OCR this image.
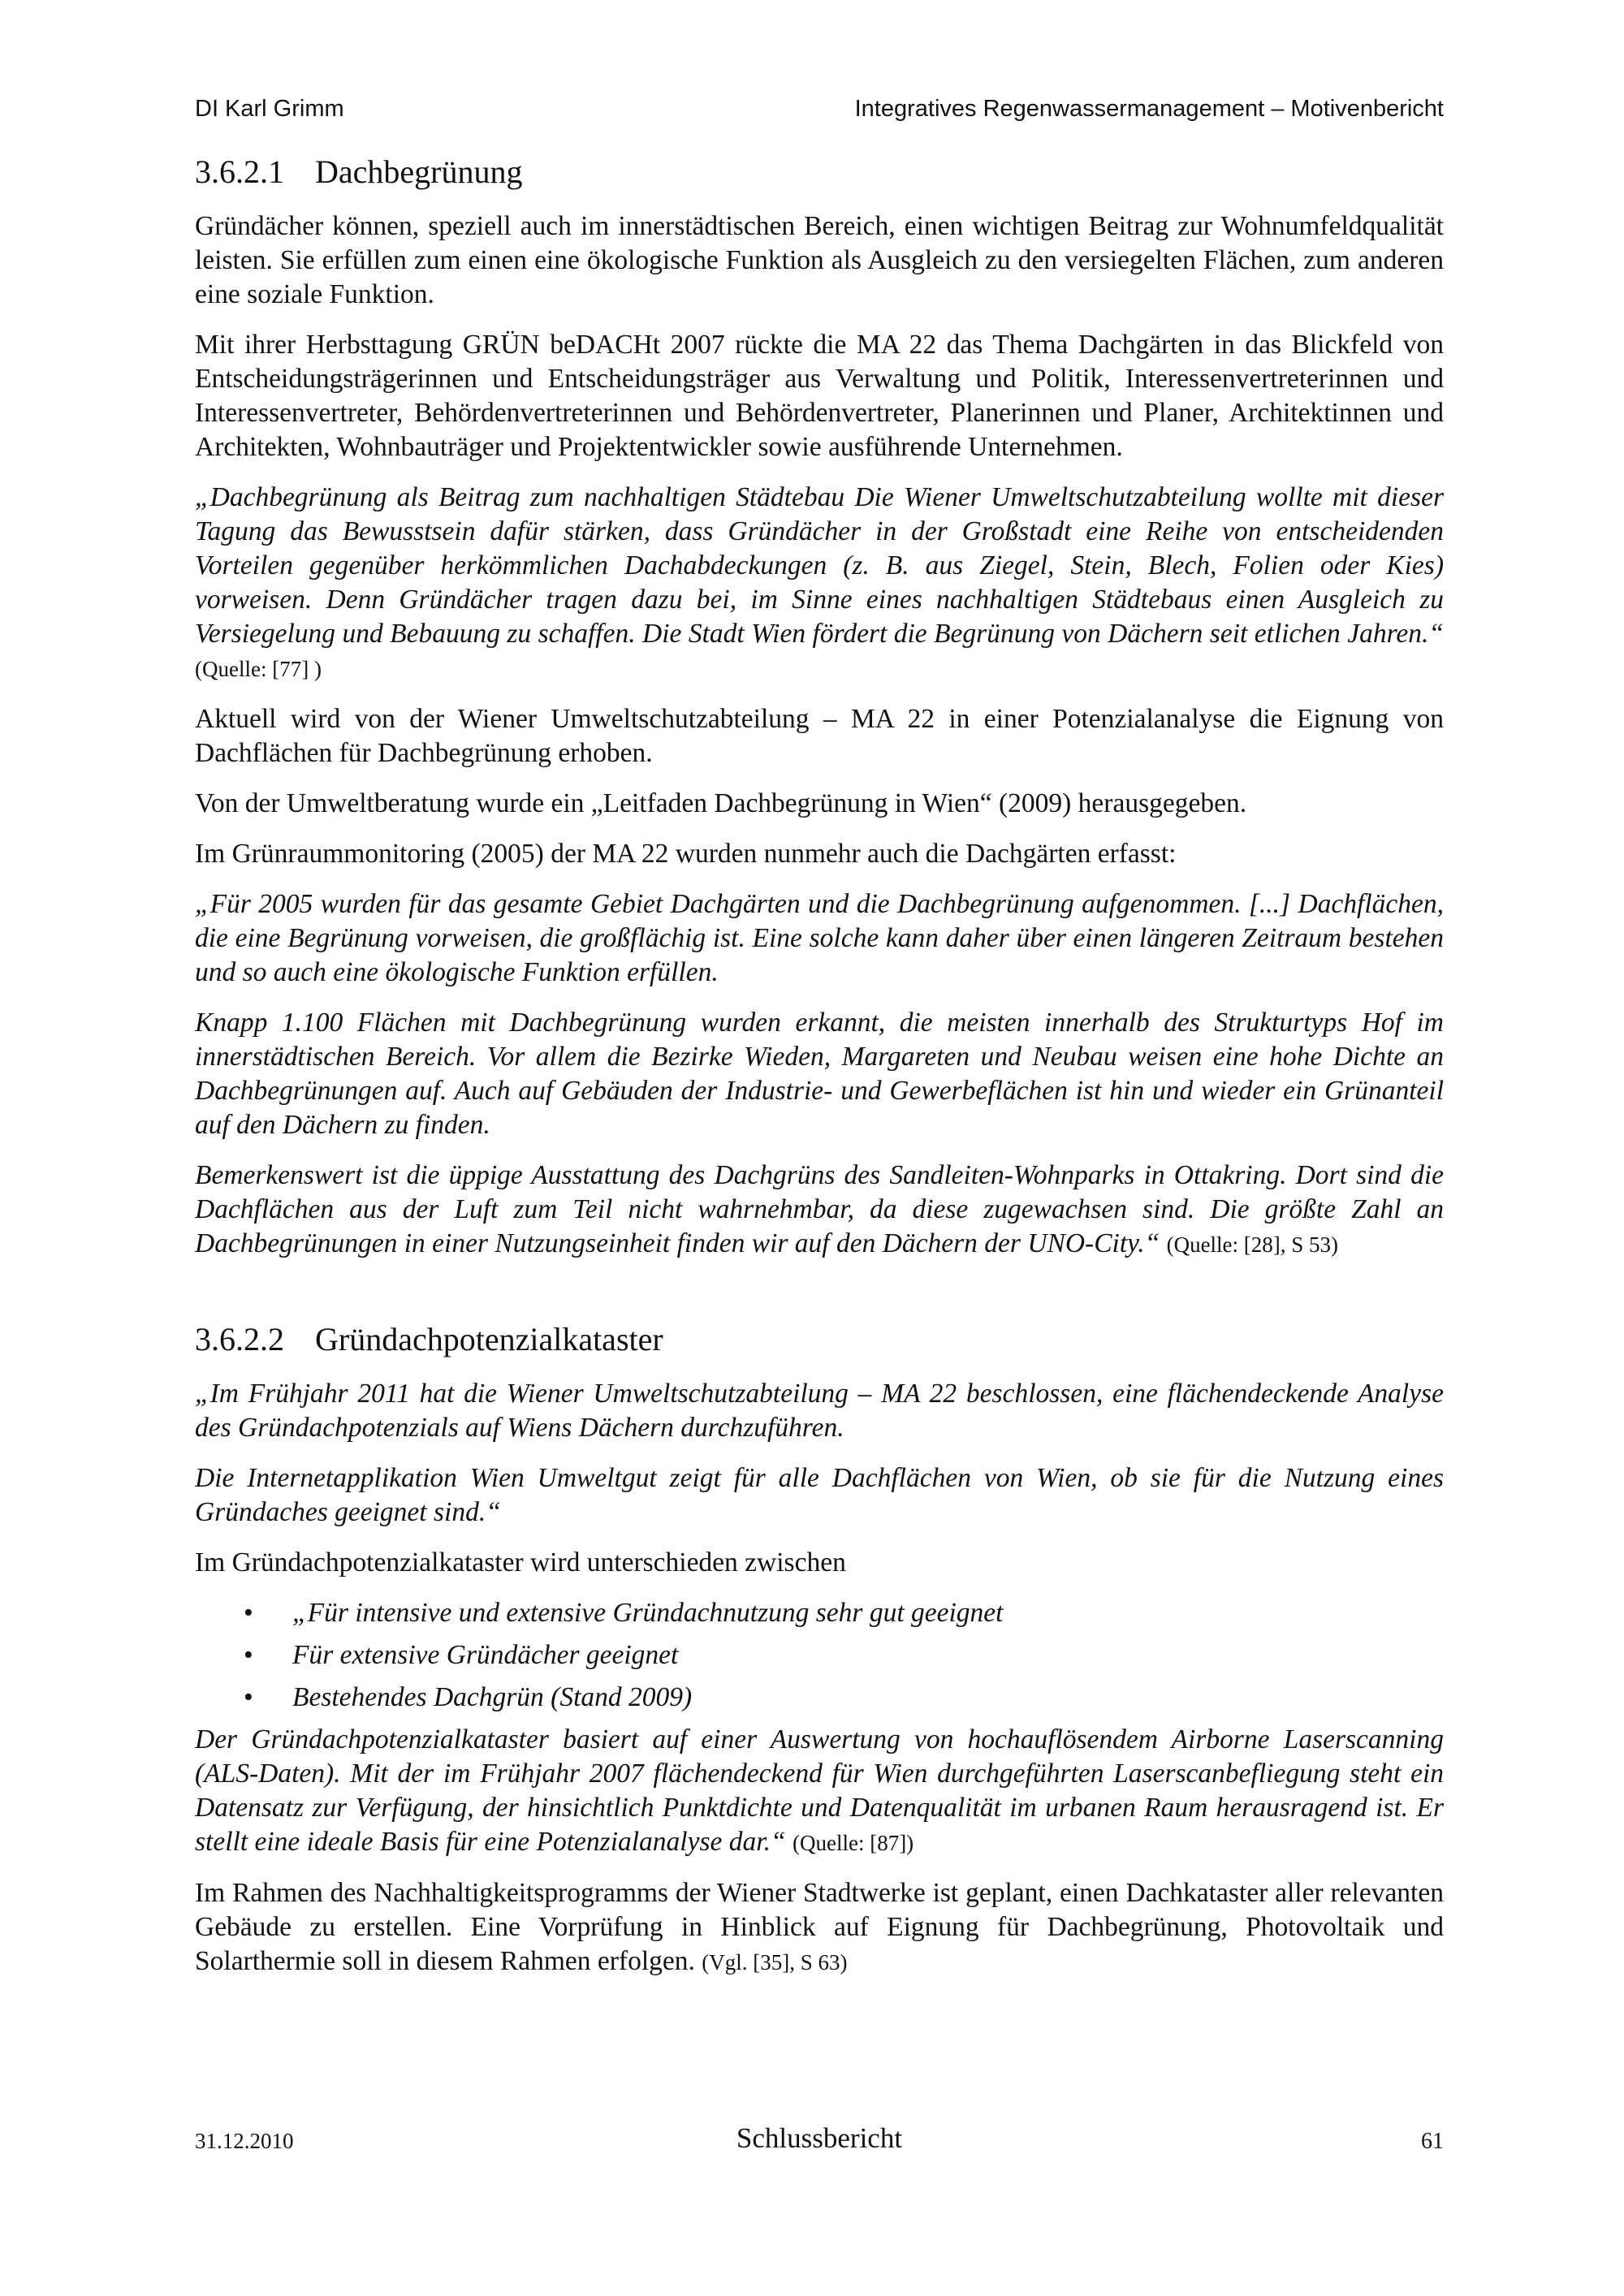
DI Karl Grimm	Integratives Regenwassermanagement – Motivenbericht
3.6.2.1 Dachbegrünung

Gründächer können, speziell auch im innerstädtischen Bereich, einen wichtigen Beitrag zur Wohnumfeldqualität leisten. Sie erfüllen zum einen eine ökologische Funktion als Ausgleich zu den versiegelten Flächen, zum anderen eine soziale Funktion.

Mit ihrer Herbsttagung GRÜN beDACHt 2007 rückte die MA 22 das Thema Dachgärten in das Blickfeld von Entscheidungsträgerinnen und Entscheidungsträger aus Verwaltung und Politik, Interessenvertreterinnen und Interessenvertreter, Behördenvertreterinnen und Behördenvertreter, Planerinnen und Planer, Architektinnen und Architekten, Wohnbauträger und Projektentwickler sowie ausführende Unternehmen.

„Dachbegrünung als Beitrag zum nachhaltigen Städtebau Die Wiener Umweltschutzabteilung wollte mit dieser Tagung das Bewusstsein dafür stärken, dass Gründächer in der Großstadt eine Reihe von entscheidenden Vorteilen gegenüber herkömmlichen Dachabdeckungen (z. B. aus Ziegel, Stein, Blech, Folien oder Kies) vorweisen. Denn Gründächer tragen dazu bei, im Sinne eines nachhaltigen Städtebaus einen Ausgleich zu Versiegelung und Bebauung zu schaffen. Die Stadt Wien fördert die Begrünung von Dächern seit etlichen Jahren.“ (Quelle: [77] )

Aktuell wird von der Wiener Umweltschutzabteilung – MA 22 in einer Potenzialanalyse die Eignung von Dachflächen für Dachbegrünung erhoben.

Von der Umweltberatung wurde ein „Leitfaden Dachbegrünung in Wien“ (2009) herausgegeben.

Im Grünraummonitoring (2005) der MA 22 wurden nunmehr auch die Dachgärten erfasst:

„Für 2005 wurden für das gesamte Gebiet Dachgärten und die Dachbegrünung aufgenommen. [...] Dachflächen, die eine Begrünung vorweisen, die großflächig ist. Eine solche kann daher über einen längeren Zeitraum bestehen und so auch eine ökologische Funktion erfüllen.

Knapp 1.100 Flächen mit Dachbegrünung wurden erkannt, die meisten innerhalb des Strukturtyps Hof im innerstädtischen Bereich. Vor allem die Bezirke Wieden, Margareten und Neubau weisen eine hohe Dichte an Dachbegrünungen auf. Auch auf Gebäuden der Industrie- und Gewerbeflächen ist hin und wieder ein Grünanteil auf den Dächern zu finden.

Bemerkenswert ist die üppige Ausstattung des Dachgrüns des Sandleiten-Wohnparks in Ottakring. Dort sind die Dachflächen aus der Luft zum Teil nicht wahrnehmbar, da diese zugewachsen sind. Die größte Zahl an Dachbegrünungen in einer Nutzungseinheit finden wir auf den Dächern der UNO-City.“ (Quelle: [28], S 53)

3.6.2.2 Gründachpotenzialkataster

„Im Frühjahr 2011 hat die Wiener Umweltschutzabteilung – MA 22 beschlossen, eine flächendeckende Analyse des Gründachpotenzials auf Wiens Dächern durchzuführen.

Die Internetapplikation Wien Umweltgut zeigt für alle Dachflächen von Wien, ob sie für die Nutzung eines Gründaches geeignet sind.“

Im Gründachpotenzialkataster wird unterschieden zwischen

• „Für intensive und extensive Gründachnutzung sehr gut geeignet
• Für extensive Gründächer geeignet
• Bestehendes Dachgrün (Stand 2009)

Der Gründachpotenzialkataster basiert auf einer Auswertung von hochauflösendem Airborne Laserscanning (ALS-Daten). Mit der im Frühjahr 2007 flächendeckend für Wien durchgeführten Laserscanbefliegung steht ein Datensatz zur Verfügung, der hinsichtlich Punktdichte und Datenqualität im urbanen Raum herausragend ist. Er stellt eine ideale Basis für eine Potenzialanalyse dar.“ (Quelle: [87])

Im Rahmen des Nachhaltigkeitsprogramms der Wiener Stadtwerke ist geplant, einen Dachkataster aller relevanten Gebäude zu erstellen. Eine Vorprüfung in Hinblick auf Eignung für Dachbegrünung, Photovoltaik und Solarthermie soll in diesem Rahmen erfolgen. (Vgl. [35], S 63)

31.12.2010	Schlussbericht	61
